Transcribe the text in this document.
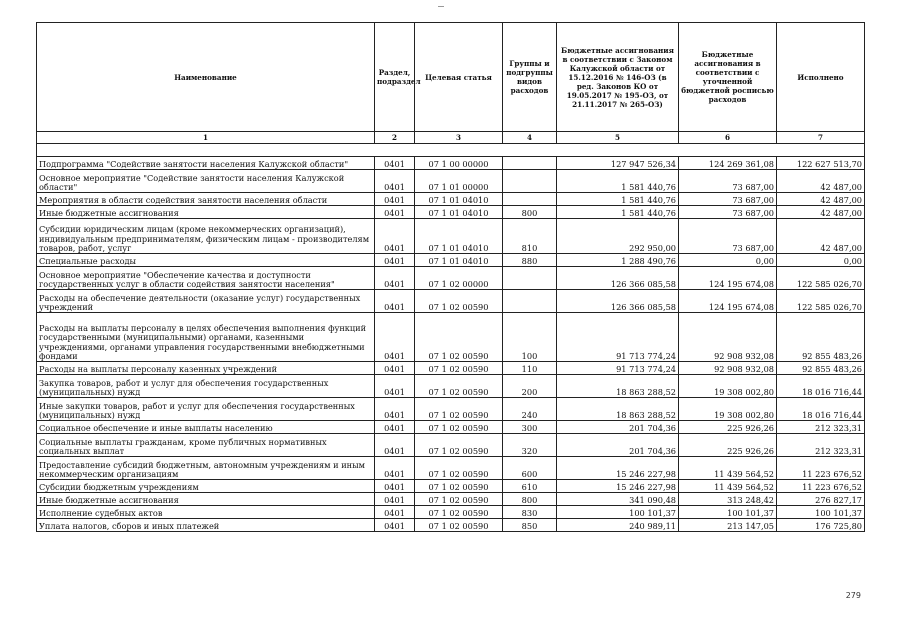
Наименование	Раздел, подраздел	Целевая статья	Группы и подгруппы видов расходов	Бюджетные ассигнования в соответствии с Законом Калужской области от 15.12.2016 № 146-ОЗ (в ред. Законов КО от 19.05.2017 № 195-ОЗ, от 21.11.2017 № 265-ОЗ)	Бюджетные ассигнования в соответствии с уточненной бюджетной росписью расходов	Исполнено
1	2	3	4	5	6	7

Подпрограмма "Содействие занятости населения Калужской области"	0401	07 1 00 00000		127 947 526,34	124 269 361,08	122 627 513,70
Основное мероприятие "Содействие занятости населения Калужской области"	0401	07 1 01 00000		1 581 440,76	73 687,00	42 487,00
Мероприятия в области содействия занятости населения области	0401	07 1 01 04010		1 581 440,76	73 687,00	42 487,00
Иные бюджетные ассигнования	0401	07 1 01 04010	800	1 581 440,76	73 687,00	42 487,00
Субсидии юридическим лицам (кроме некоммерческих организаций), индивидуальным предпринимателям, физическим лицам - производителям товаров, работ, услуг	0401	07 1 01 04010	810	292 950,00	73 687,00	42 487,00
Специальные расходы	0401	07 1 01 04010	880	1 288 490,76	0,00	0,00
Основное мероприятие "Обеспечение качества и доступности государственных услуг в области содействия занятости населения"	0401	07 1 02 00000		126 366 085,58	124 195 674,08	122 585 026,70
Расходы на обеспечение деятельности (оказание услуг) государственных учреждений	0401	07 1 02 00590		126 366 085,58	124 195 674,08	122 585 026,70
Расходы на выплаты персоналу в целях обеспечения выполнения функций государственными (муниципальными) органами, казенными учреждениями, органами управления государственными внебюджетными фондами	0401	07 1 02 00590	100	91 713 774,24	92 908 932,08	92 855 483,26
Расходы на выплаты персоналу казенных учреждений	0401	07 1 02 00590	110	91 713 774,24	92 908 932,08	92 855 483,26
Закупка товаров, работ и услуг для обеспечения государственных (муниципальных) нужд	0401	07 1 02 00590	200	18 863 288,52	19 308 002,80	18 016 716,44
Иные закупки товаров, работ и услуг для обеспечения государственных (муниципальных) нужд	0401	07 1 02 00590	240	18 863 288,52	19 308 002,80	18 016 716,44
Социальное обеспечение и иные выплаты населению	0401	07 1 02 00590	300	201 704,36	225 926,26	212 323,31
Социальные выплаты гражданам, кроме публичных нормативных социальных выплат	0401	07 1 02 00590	320	201 704,36	225 926,26	212 323,31
Предоставление субсидий бюджетным, автономным учреждениям и иным некоммерческим организациям	0401	07 1 02 00590	600	15 246 227,98	11 439 564,52	11 223 676,52
Субсидии бюджетным учреждениям	0401	07 1 02 00590	610	15 246 227,98	11 439 564,52	11 223 676,52
Иные бюджетные ассигнования	0401	07 1 02 00590	800	341 090,48	313 248,42	276 827,17
Исполнение судебных актов	0401	07 1 02 00590	830	100 101,37	100 101,37	100 101,37
Уплата налогов, сборов и иных платежей	0401	07 1 02 00590	850	240 989,11	213 147,05	176 725,80
279
